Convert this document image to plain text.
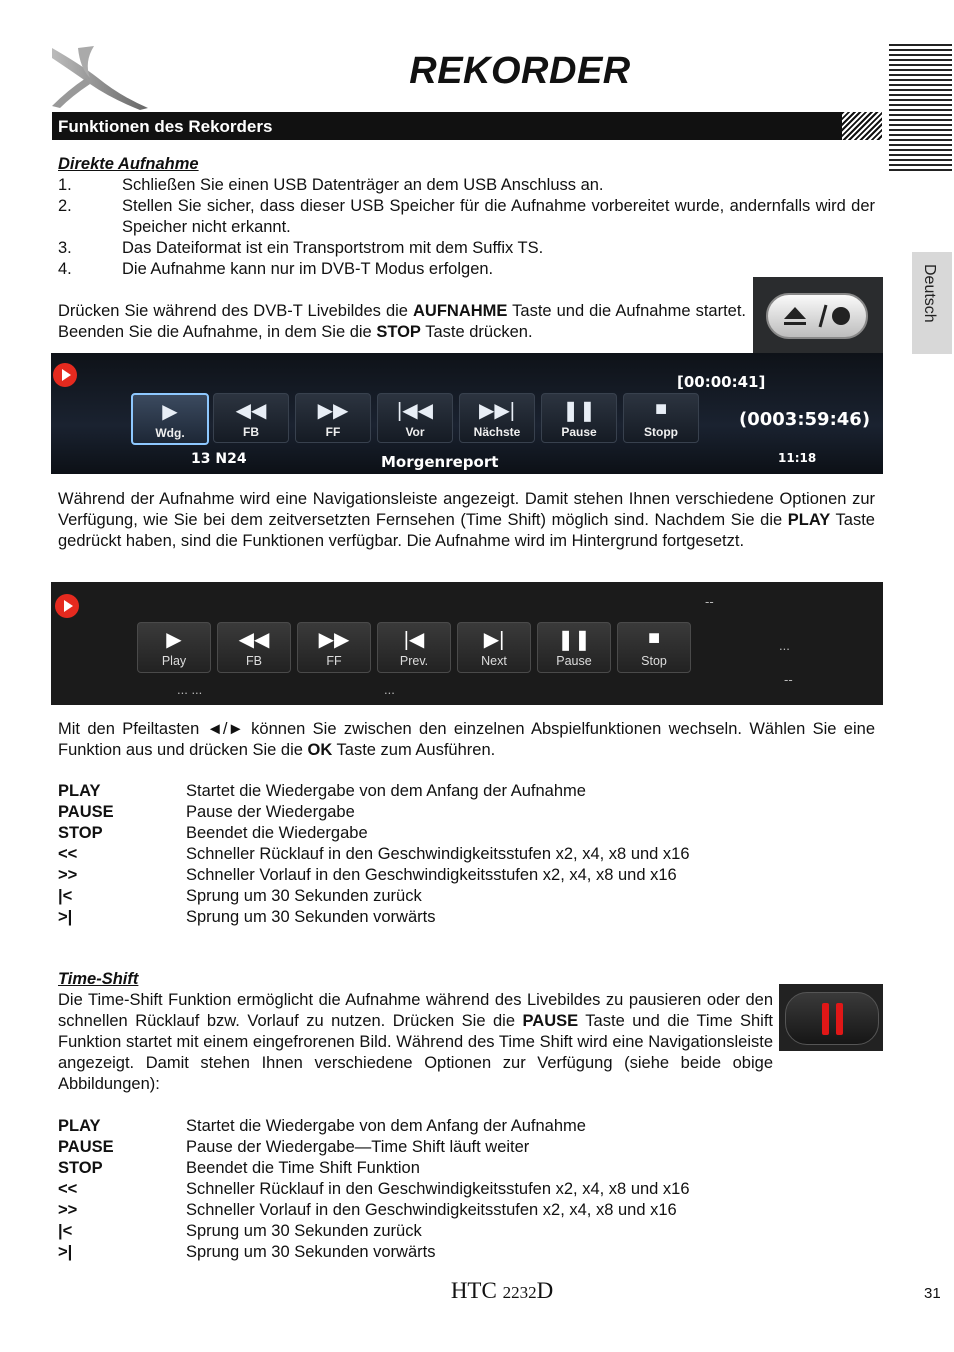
REKORDER
Funktionen des Rekorders
Deutsch
Direkte Aufnahme
1.	Schließen Sie einen USB Datenträger an dem USB Anschluss an.
2.	Stellen Sie sicher, dass dieser USB Speicher für die Aufnahme vorbereitet wurde, andernfalls wird der Speicher nicht erkannt.
3.	Das Dateiformat ist ein Transportstrom mit dem Suffix TS.
4.	Die Aufnahme kann nur im DVB-T Modus erfolgen.
Drücken Sie während des DVB-T Livebildes die AUFNAHME Taste und die Aufnahme startet. Beenden Sie die Aufnahme, in dem Sie die STOP Taste drücken.
▶
Wdg.
◀◀
FB
▶▶
FF
|◀◀
Vor
▶▶|
Nächste
❚❚
Pause
■
Stopp
[00:00:41]
(0003:59:46)
13 N24	Morgenreport	11:18
Während der Aufnahme wird eine Navigationsleiste angezeigt. Damit stehen Ihnen verschiedene Optionen zur Verfügung, wie Sie bei dem zeitversetzten Fernsehen (Time Shift) möglich sind. Nachdem Sie die PLAY Taste gedrückt haben, sind die Funktionen verfügbar. Die Aufnahme wird im Hintergrund fortgesetzt.
▶
Play
◀◀
FB
▶▶
FF
|◀
Prev.
▶|
Next
❚❚
Pause
■
Stop
--
...
--
... ...	...
Mit den Pfeiltasten ◄/► können Sie zwischen den einzelnen Abspielfunktionen wechseln. Wählen Sie eine Funktion aus und drücken Sie die OK Taste zum Ausführen.
PLAY	Startet die Wiedergabe von dem Anfang der Aufnahme
PAUSE	Pause der Wiedergabe
STOP	Beendet die Wiedergabe
<<	Schneller Rücklauf in den Geschwindigkeitsstufen x2, x4, x8 und x16
>>	Schneller Vorlauf in den Geschwindigkeitsstufen x2, x4, x8 und x16
|<	Sprung um 30 Sekunden zurück
>|	Sprung um 30 Sekunden vorwärts
Time-Shift
Die Time-Shift Funktion ermöglicht die Aufnahme während des Livebildes zu pausieren oder den schnellen Rücklauf bzw. Vorlauf zu nutzen. Drücken Sie die PAUSE Taste und die Time Shift Funktion startet mit einem eingefrorenen Bild. Während des Time Shift wird eine Navigationsleiste angezeigt. Damit stehen Ihnen verschiedene Optionen zur Verfügung (siehe beide obige Abbildungen):
PLAY	Startet die Wiedergabe von dem Anfang der Aufnahme
PAUSE	Pause der Wiedergabe—Time Shift läuft weiter
STOP	Beendet die Time Shift Funktion
<<	Schneller Rücklauf in den Geschwindigkeitsstufen x2, x4, x8 und x16
>>	Schneller Vorlauf in den Geschwindigkeitsstufen x2, x4, x8 und x16
|<	Sprung um 30 Sekunden zurück
>|	Sprung um 30 Sekunden vorwärts
HTC 2232D	31
